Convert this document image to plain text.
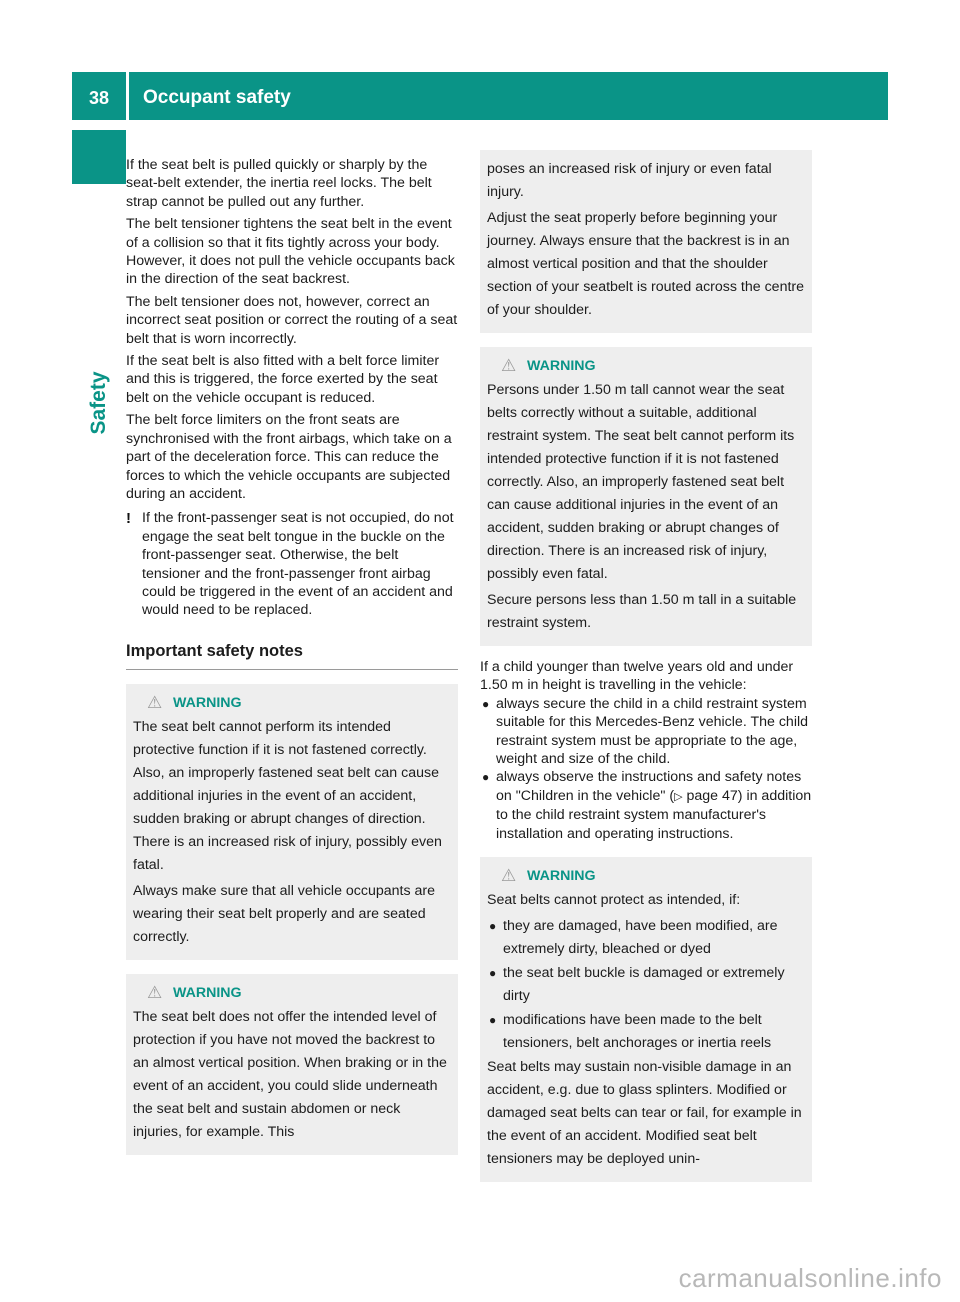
38	Occupant safety
Safety

If the seat belt is pulled quickly or sharply by the seat-belt extender, the inertia reel locks. The belt strap cannot be pulled out any further.

The belt tensioner tightens the seat belt in the event of a collision so that it fits tightly across your body. However, it does not pull the vehicle occupants back in the direction of the seat backrest.

The belt tensioner does not, however, correct an incorrect seat position or correct the routing of a seat belt that is worn incorrectly.

If the seat belt is also fitted with a belt force limiter and this is triggered, the force exerted by the seat belt on the vehicle occupant is reduced.

The belt force limiters on the front seats are synchronised with the front airbags, which take on a part of the deceleration force. This can reduce the forces to which the vehicle occupants are subjected during an accident.

! If the front-passenger seat is not occupied, do not engage the seat belt tongue in the buckle on the front-passenger seat. Otherwise, the belt tensioner and the front-passenger front airbag could be triggered in the event of an accident and would need to be replaced.

Important safety notes
⚠ WARNING

The seat belt cannot perform its intended protective function if it is not fastened correctly. Also, an improperly fastened seat belt can cause additional injuries in the event of an accident, sudden braking or abrupt changes of direction. There is an increased risk of injury, possibly even fatal.

Always make sure that all vehicle occupants are wearing their seat belt properly and are seated correctly.

⚠ WARNING

The seat belt does not offer the intended level of protection if you have not moved the backrest to an almost vertical position. When braking or in the event of an accident, you could slide underneath the seat belt and sustain abdomen or neck injuries, for example. This

poses an increased risk of injury or even fatal injury.

Adjust the seat properly before beginning your journey. Always ensure that the backrest is in an almost vertical position and that the shoulder section of your seatbelt is routed across the centre of your shoulder.

⚠ WARNING

Persons under 1.50 m tall cannot wear the seat belts correctly without a suitable, additional restraint system. The seat belt cannot perform its intended protective function if it is not fastened correctly. Also, an improperly fastened seat belt can cause additional injuries in the event of an accident, sudden braking or abrupt changes of direction. There is an increased risk of injury, possibly even fatal.

Secure persons less than 1.50 m tall in a suitable restraint system.

If a child younger than twelve years old and under 1.50 m in height is travelling in the vehicle:

● always secure the child in a child restraint system suitable for this Mercedes-Benz vehicle. The child restraint system must be appropriate to the age, weight and size of the child.
● always observe the instructions and safety notes on "Children in the vehicle" (▷ page 47) in addition to the child restraint system manufacturer's installation and operating instructions.
⚠ WARNING

Seat belts cannot protect as intended, if:

● they are damaged, have been modified, are extremely dirty, bleached or dyed
● the seat belt buckle is damaged or extremely dirty
● modifications have been made to the belt tensioners, belt anchorages or inertia reels

Seat belts may sustain non-visible damage in an accident, e.g. due to glass splinters. Modified or damaged seat belts can tear or fail, for example in the event of an accident. Modified seat belt tensioners may be deployed unin-

carmanualsonline.info
